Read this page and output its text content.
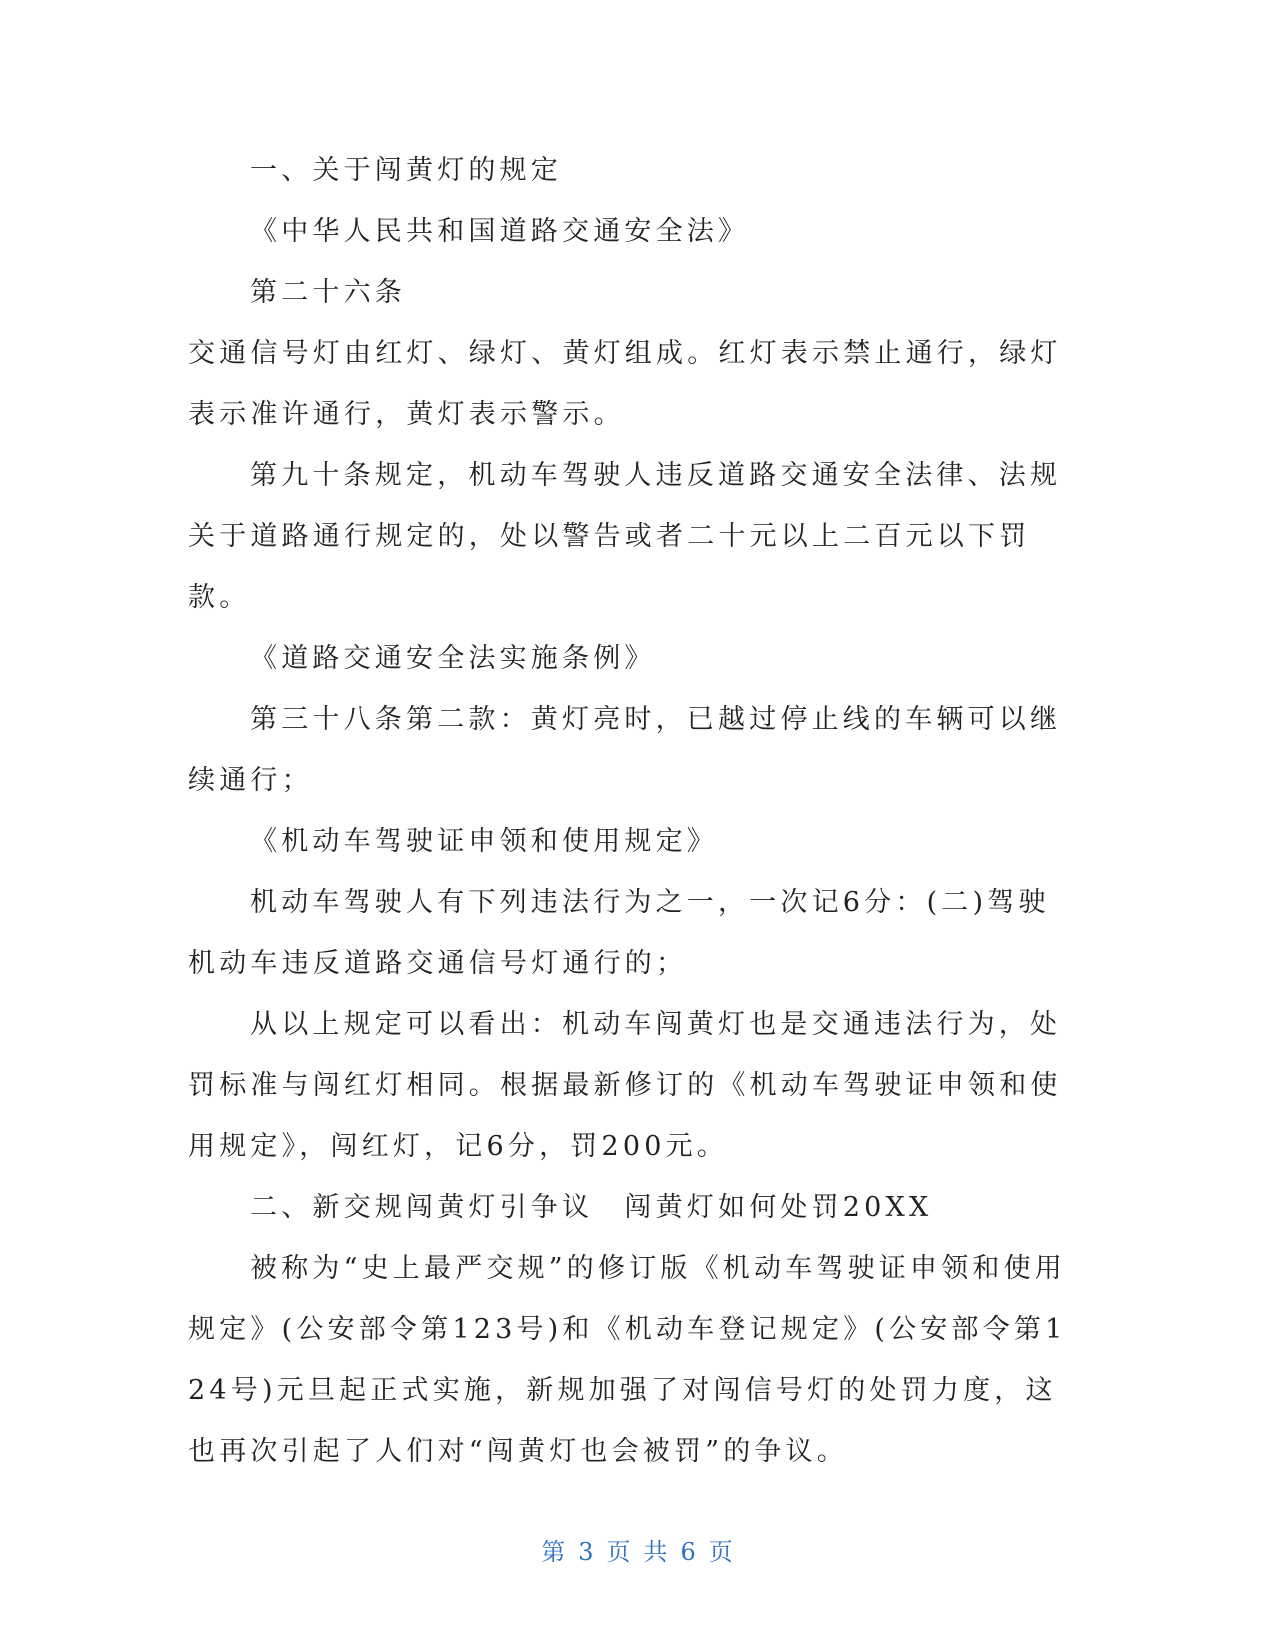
一、关于闯黄灯的规定

《中华人民共和国道路交通安全法》

第二十六条

交通信号灯由红灯、绿灯、黄灯组成。红灯表示禁止通行，绿灯表示准许通行，黄灯表示警示。

第九十条规定，机动车驾驶人违反道路交通安全法律、法规关于道路通行规定的，处以警告或者二十元以上二百元以下罚款。

《道路交通安全法实施条例》

第三十八条第二款：黄灯亮时，已越过停止线的车辆可以继续通行；

《机动车驾驶证申领和使用规定》

机动车驾驶人有下列违法行为之一，一次记6分：(二)驾驶机动车违反道路交通信号灯通行的；

从以上规定可以看出：机动车闯黄灯也是交通违法行为，处罚标准与闯红灯相同。根据最新修订的《机动车驾驶证申领和使用规定》，闯红灯，记6分，罚200元。

二、新交规闯黄灯引争议　闯黄灯如何处罚20XX

被称为“史上最严交规”的修订版《机动车驾驶证申领和使用规定》(公安部令第123号)和《机动车登记规定》(公安部令第124号)元旦起正式实施，新规加强了对闯信号灯的处罚力度，这也再次引起了人们对“闯黄灯也会被罚”的争议。

第 3 页 共 6 页
